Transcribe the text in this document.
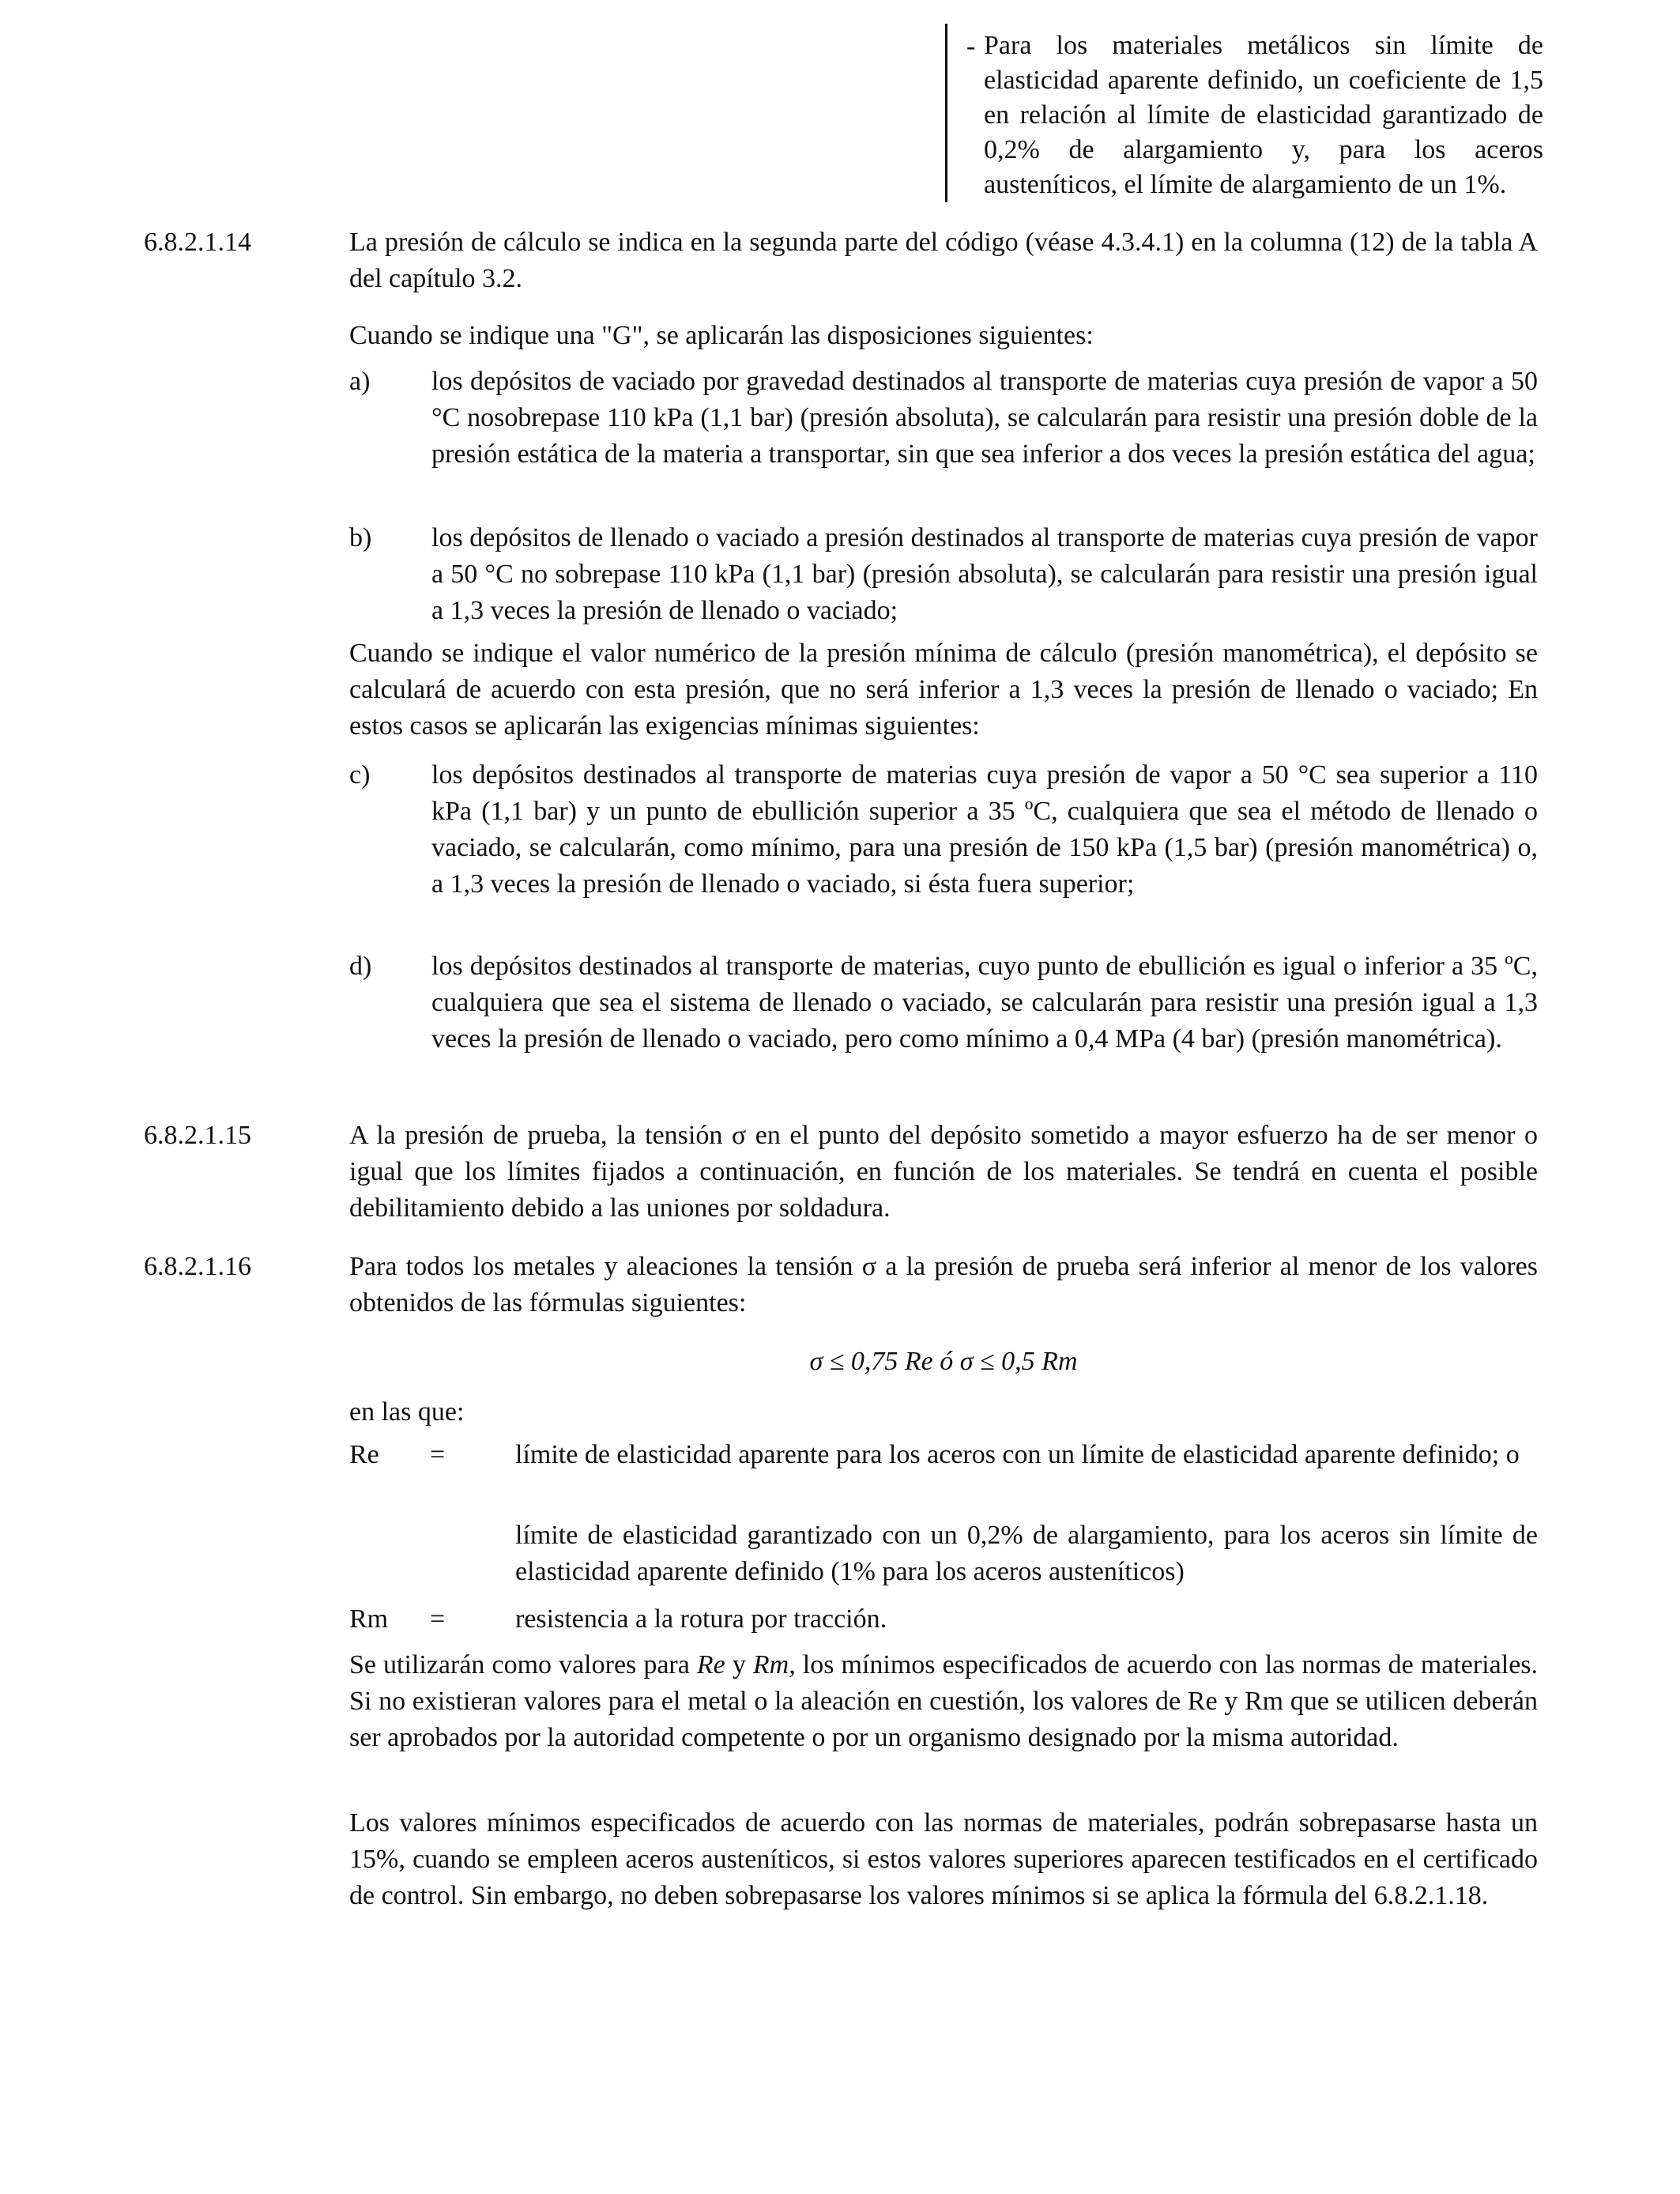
- Para los materiales metálicos sin límite de elasticidad aparente definido, un coeficiente de 1,5 en relación al límite de elasticidad garantizado de 0,2% de alargamiento y, para los aceros austeníticos, el límite de alargamiento de un 1%.
6.8.2.1.14	La presión de cálculo se indica en la segunda parte del código (véase 4.3.4.1) en la columna (12) de la tabla A del capítulo 3.2.
Cuando se indique una "G", se aplicarán las disposiciones siguientes:
a) los depósitos de vaciado por gravedad destinados al transporte de materias cuya presión de vapor a 50 °C nosobrepase 110 kPa (1,1 bar) (presión absoluta), se calcularán para resistir una presión doble de la presión estática de la materia a transportar, sin que sea inferior a dos veces la presión estática del agua;
b) los depósitos de llenado o vaciado a presión destinados al transporte de materias cuya presión de vapor a 50 °C no sobrepase 110 kPa (1,1 bar) (presión absoluta), se calcularán para resistir una presión igual a 1,3 veces la presión de llenado o vaciado;
Cuando se indique el valor numérico de la presión mínima de cálculo (presión manométrica), el depósito se calculará de acuerdo con esta presión, que no será inferior a 1,3 veces la presión de llenado o vaciado; En estos casos se aplicarán las exigencias mínimas siguientes:
c) los depósitos destinados al transporte de materias cuya presión de vapor a 50 °C sea superior a 110 kPa (1,1 bar) y un punto de ebullición superior a 35 ºC, cualquiera que sea el método de llenado o vaciado, se calcularán, como mínimo, para una presión de 150 kPa (1,5 bar) (presión manométrica) o, a 1,3 veces la presión de llenado o vaciado, si ésta fuera superior;
d) los depósitos destinados al transporte de materias, cuyo punto de ebullición es igual o inferior a 35 ºC, cualquiera que sea el sistema de llenado o vaciado, se calcularán para resistir una presión igual a 1,3 veces la presión de llenado o vaciado, pero como mínimo a 0,4 MPa (4 bar) (presión manométrica).
6.8.2.1.15	A la presión de prueba, la tensión σ en el punto del depósito sometido a mayor esfuerzo ha de ser menor o igual que los límites fijados a continuación, en función de los materiales. Se tendrá en cuenta el posible debilitamiento debido a las uniones por soldadura.
6.8.2.1.16	Para todos los metales y aleaciones la tensión σ a la presión de prueba será inferior al menor de los valores obtenidos de las fórmulas siguientes:
σ ≤ 0,75 Re ó σ ≤ 0,5 Rm
en las que:
Re =	límite de elasticidad aparente para los aceros con un límite de elasticidad aparente definido; o
límite de elasticidad garantizado con un 0,2% de alargamiento, para los aceros sin límite de elasticidad aparente definido (1% para los aceros austeníticos)
Rm =	resistencia a la rotura por tracción.
Se utilizarán como valores para Re y Rm, los mínimos especificados de acuerdo con las normas de materiales. Si no existieran valores para el metal o la aleación en cuestión, los valores de Re y Rm que se utilicen deberán ser aprobados por la autoridad competente o por un organismo designado por la misma autoridad.
Los valores mínimos especificados de acuerdo con las normas de materiales, podrán sobrepasarse hasta un 15%, cuando se empleen aceros austeníticos, si estos valores superiores aparecen testificados en el certificado de control. Sin embargo, no deben sobrepasarse los valores mínimos si se aplica la fórmula del 6.8.2.1.18.
